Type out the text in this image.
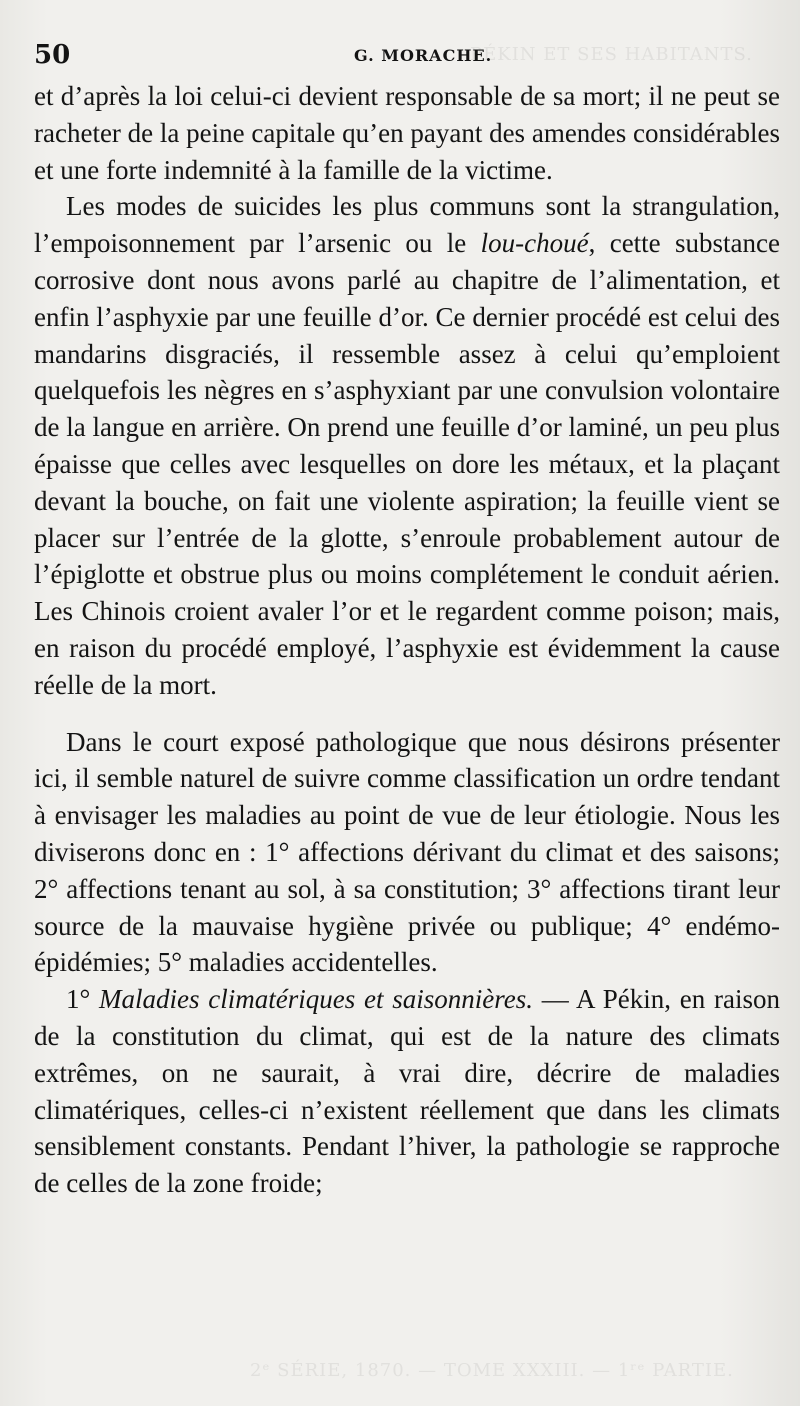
PÉKIN ET SES HABITANTS.
2ᵉ SÉRIE, 1870. — TOME XXXIII. — 1ʳᵉ PARTIE.
50	G. MORACHE.

et d’après la loi celui-ci devient responsable de sa mort; il ne peut se racheter de la peine capitale qu’en payant des amendes considérables et une forte indemnité à la famille de la victime.

Les modes de suicides les plus communs sont la strangulation, l’empoisonnement par l’arsenic ou le lou-choué, cette substance corrosive dont nous avons parlé au chapitre de l’alimentation, et enfin l’asphyxie par une feuille d’or. Ce dernier procédé est celui des mandarins disgraciés, il ressemble assez à celui qu’emploient quelquefois les nègres en s’asphyxiant par une convulsion volontaire de la langue en arrière. On prend une feuille d’or laminé, un peu plus épaisse que celles avec lesquelles on dore les métaux, et la plaçant devant la bouche, on fait une violente aspiration; la feuille vient se placer sur l’entrée de la glotte, s’enroule probablement autour de l’épiglotte et obstrue plus ou moins complétement le conduit aérien. Les Chinois croient avaler l’or et le regardent comme poison; mais, en raison du procédé employé, l’asphyxie est évidemment la cause réelle de la mort.

Dans le court exposé pathologique que nous désirons présenter ici, il semble naturel de suivre comme classification un ordre tendant à envisager les maladies au point de vue de leur étiologie. Nous les diviserons donc en : 1° affections dérivant du climat et des saisons; 2° affections tenant au sol, à sa constitution; 3° affections tirant leur source de la mauvaise hygiène privée ou publique; 4° endémo-épidémies; 5° maladies accidentelles.

1° Maladies climatériques et saisonnières. — A Pékin, en raison de la constitution du climat, qui est de la nature des climats extrêmes, on ne saurait, à vrai dire, décrire de maladies climatériques, celles-ci n’existent réellement que dans les climats sensiblement constants. Pendant l’hiver, la pathologie se rapproche de celles de la zone froide;
